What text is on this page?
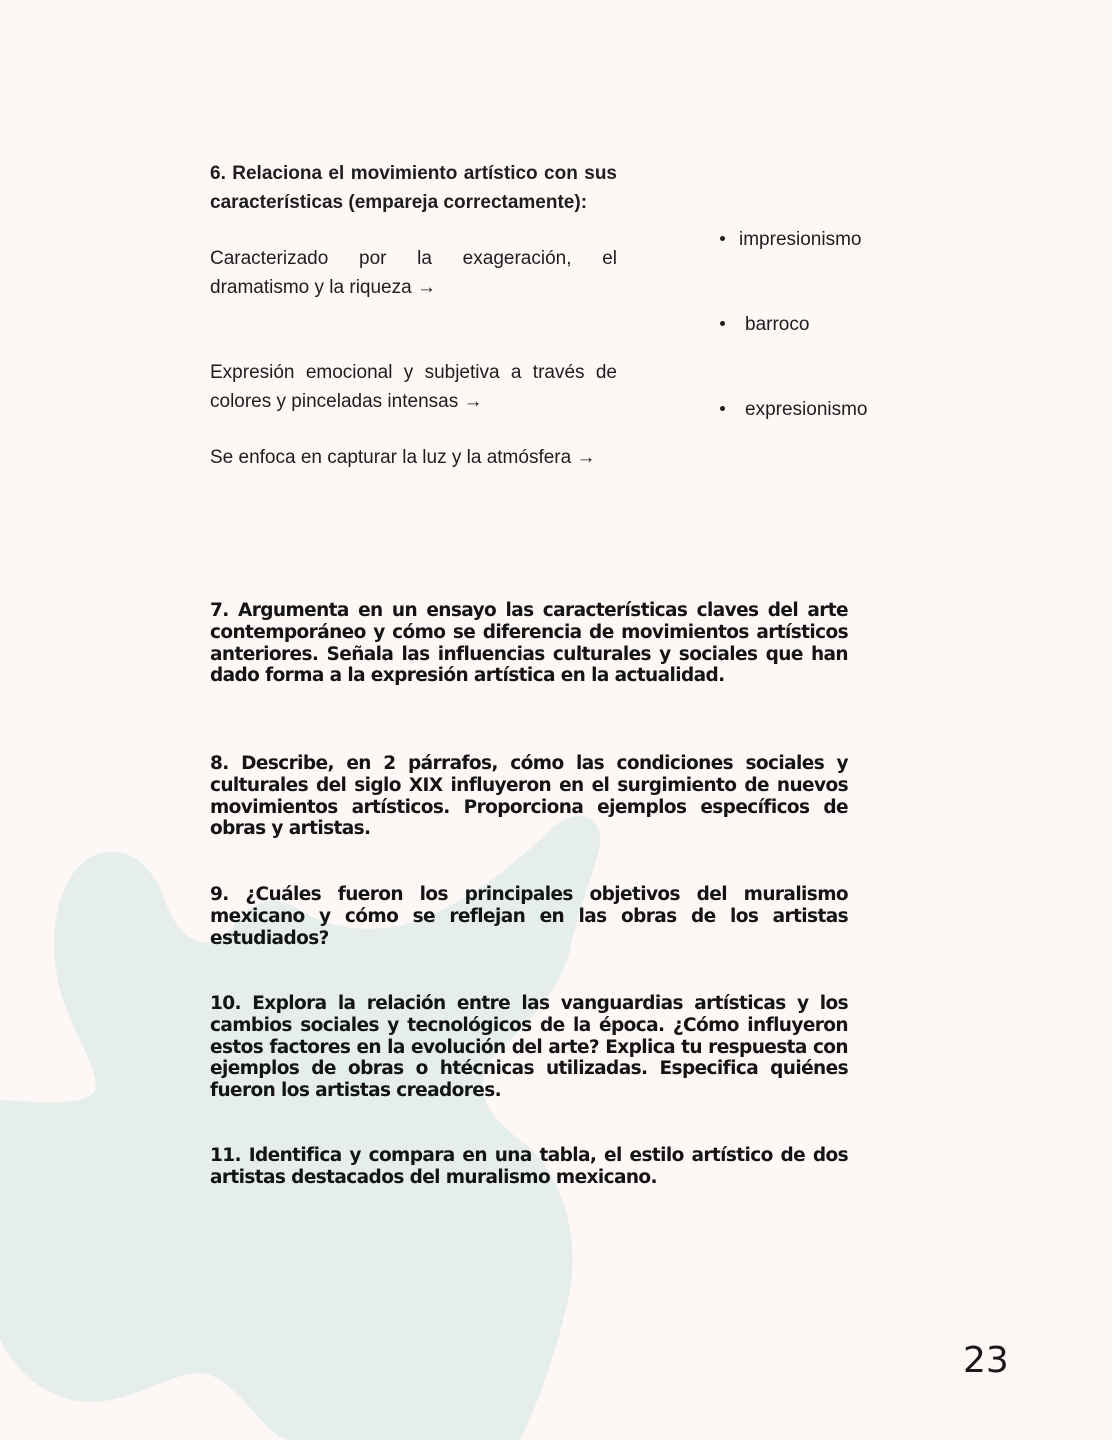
6. Relaciona el movimiento artístico con sus características (empareja correctamente):

Caracterizado por la exageración, el dramatismo y la riqueza →

Expresión emocional y subjetiva a través de colores y pinceladas intensas →

Se enfoca en capturar la luz y la atmósfera →

impresionismo
barroco
expresionismo

7. Argumenta en un ensayo las características claves del arte contemporáneo y cómo se diferencia de movimientos artísticos anteriores. Señala las influencias culturales y sociales que han dado forma a la expresión artística en la actualidad.

8. Describe, en 2 párrafos, cómo las condiciones sociales y culturales del siglo XIX influyeron en el surgimiento de nuevos movimientos artísticos. Proporciona ejemplos específicos de obras y artistas.

9. ¿Cuáles fueron los principales objetivos del muralismo mexicano y cómo se reflejan en las obras de los artistas estudiados?

10. Explora la relación entre las vanguardias artísticas y los cambios sociales y tecnológicos de la época. ¿Cómo influyeron estos factores en la evolución del arte? Explica tu respuesta con ejemplos de obras o htécnicas utilizadas. Especifica quiénes fueron los artistas creadores.

11. Identifica y compara en una tabla, el estilo artístico de dos artistas destacados del muralismo mexicano.

23
